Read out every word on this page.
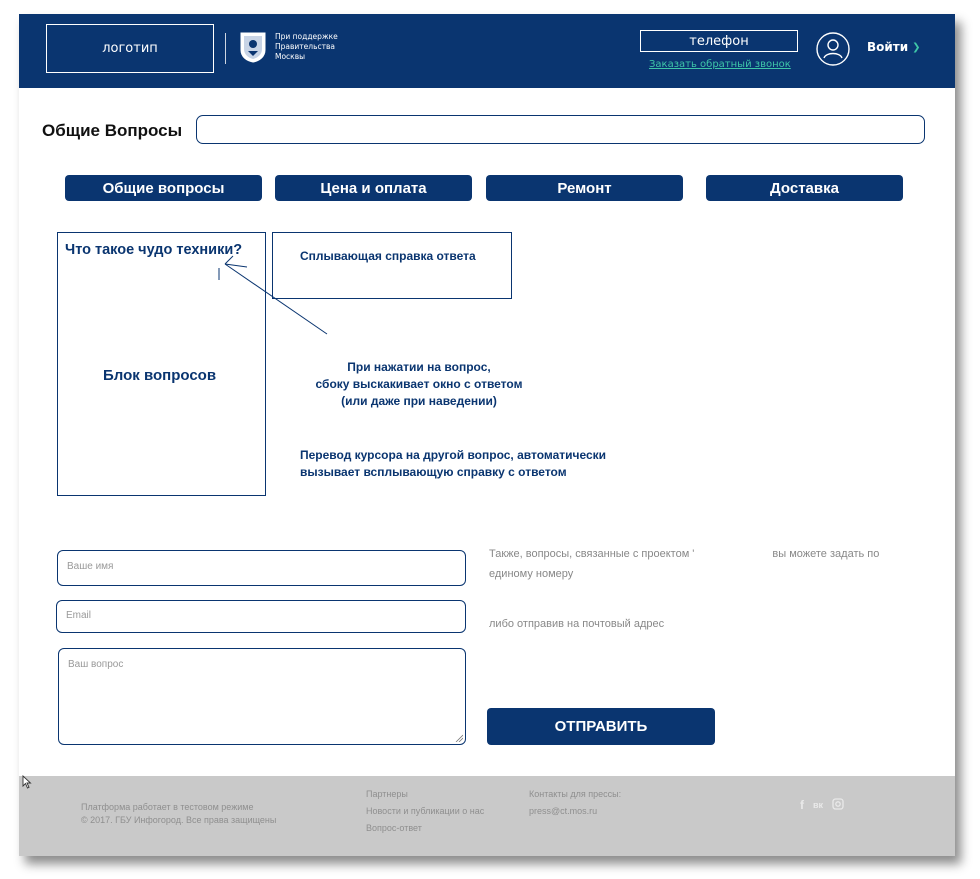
логотип
При поддержке
Правительства
Москвы
телефон
Заказать обратный звонок
Войти ❯
Общие Вопросы
Общие вопросы	Цена и оплата	Ремонт	Доставка
Что такое чудо техники?
Блок вопросов
Сплывающая справка ответа
При нажатии на вопрос,
сбоку выскакивает окно с ответом
(или даже при наведении)
Перевод курсора на другой вопрос, автоматически
вызывает всплывающую справку с ответом
Ваше имя
Email
Ваш вопрос
Также, вопросы, связанные с проектом '	вы можете задать по
единому номеру
либо отправив на почтовый адрес
ОТПРАВИТЬ
Платформа работает в тестовом режиме
© 2017. ГБУ Инфогород. Все права защищены
Партнеры
Новости и публикации о нас
Вопрос-ответ
Контакты для прессы:
press@ct.mos.ru	f вк
